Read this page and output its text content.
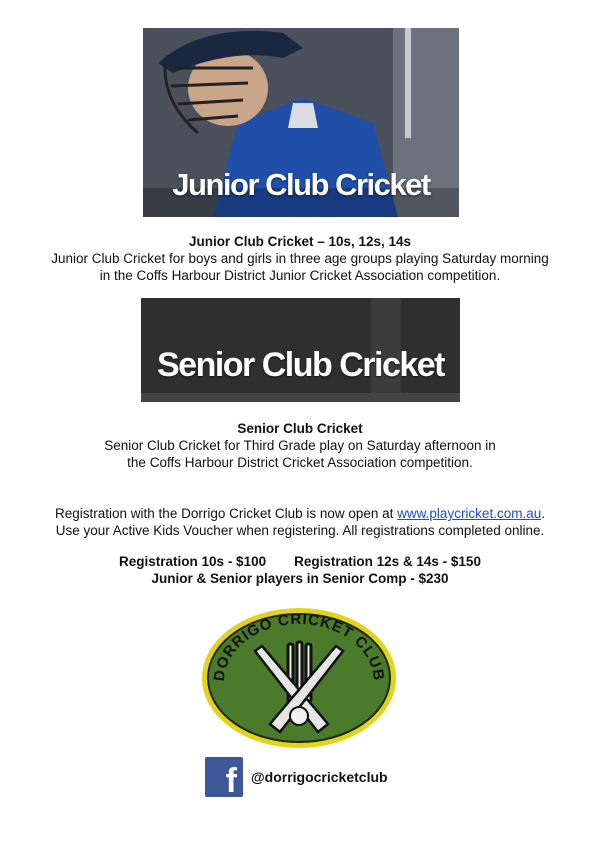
Junior Club Cricket
Junior Club Cricket – 10s, 12s, 14s
Junior Club Cricket for boys and girls in three age groups playing Saturday morning
in the Coffs Harbour District Junior Cricket Association competition.
Senior Club Cricket
Senior Club Cricket
Senior Club Cricket for Third Grade play on Saturday afternoon in
the Coffs Harbour District Cricket Association competition.
Registration with the Dorrigo Cricket Club is now open at www.playcricket.com.au.
Use your Active Kids Voucher when registering. All registrations completed online.
Registration 10s - $100 Registration 12s & 14s - $150
Junior & Senior players in Senior Comp - $230
DORRIGO CRICKET CLUB
f @dorrigocricketclub
